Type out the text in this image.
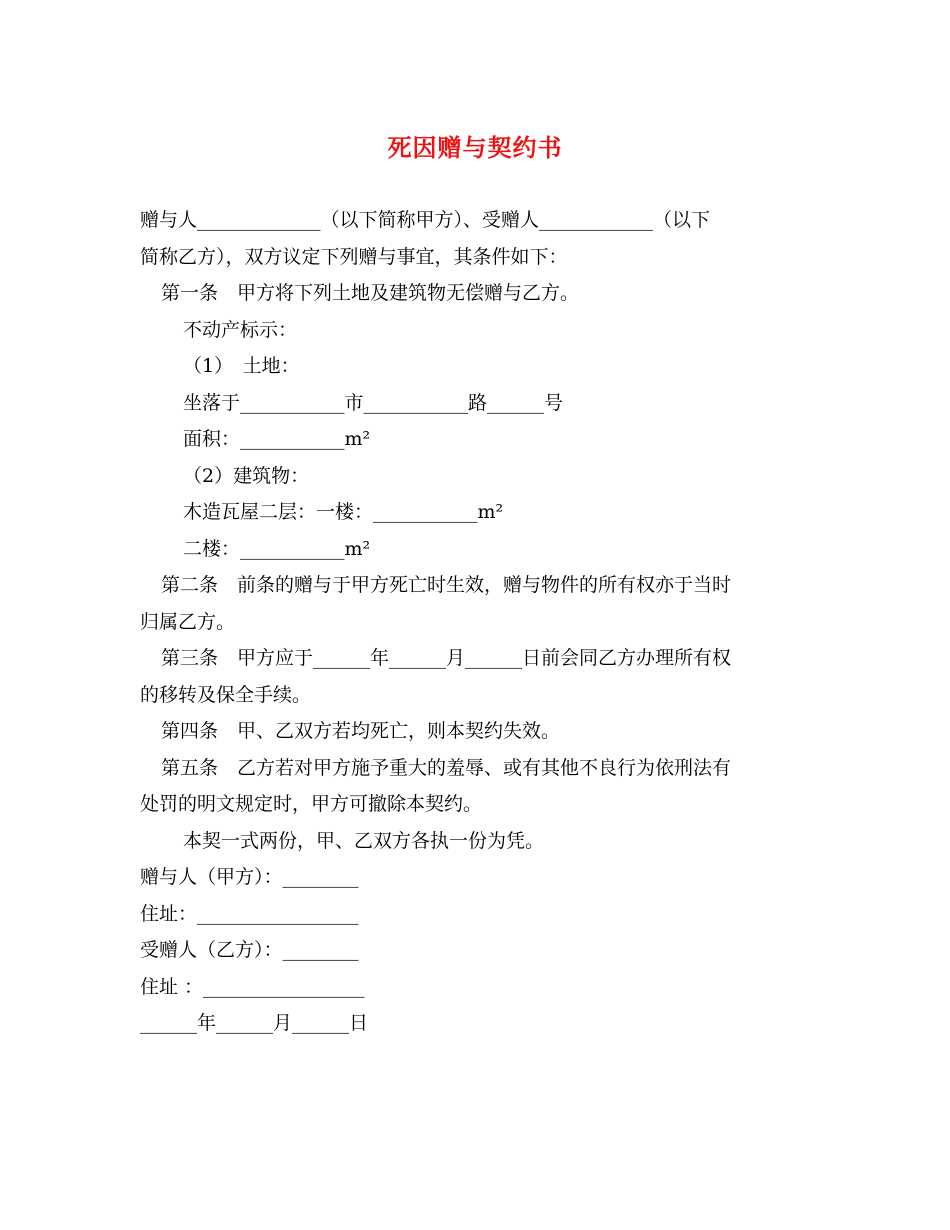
死因赠与契约书
赠与人_____________（以下简称甲方）、受赠人____________（以下
简称乙方），双方议定下列赠与事宜，其条件如下：
第一条　甲方将下列土地及建筑物无偿赠与乙方。
不动产标示：
（1）　土地：
坐落于___________市___________路______号
面积：___________m²
（2）建筑物：
木造瓦屋二层：一楼：___________m²
二楼：___________m²
第二条　前条的赠与于甲方死亡时生效，赠与物件的所有权亦于当时
归属乙方。
第三条　甲方应于______年______月______日前会同乙方办理所有权
的移转及保全手续。
第四条　甲、乙双方若均死亡，则本契约失效。
第五条　乙方若对甲方施予重大的羞辱、或有其他不良行为依刑法有
处罚的明文规定时，甲方可撤除本契约。
本契一式两份，甲、乙双方各执一份为凭。
赠与人（甲方）：________
住址：_________________
受赠人（乙方）：________
住址 ：_________________
______年______月______日
